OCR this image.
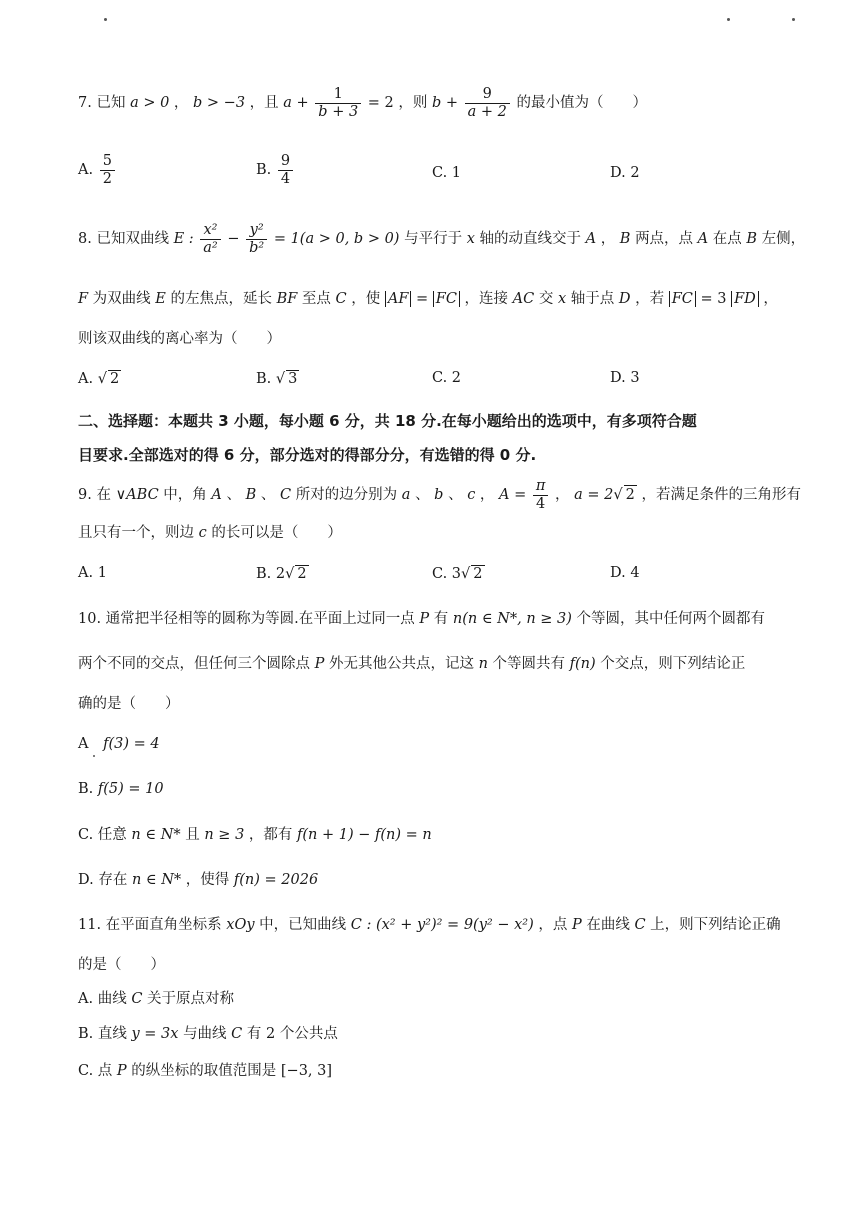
7. 已知 a > 0 ， b > −3 ，且 $a + \frac{1}{b + 3} = 2$ ，则 $b + \frac{9}{a + 2}$ 的最小值为（　　）
A. $\frac{5}{2}$	B. $\frac{9}{4}$	C. 1	D. 2
8. 已知双曲线 E : $\frac{\text{x²}}{\text{a²}} - \frac{\text{y²}}{\text{b²}} = 1(a > 0$, b > 0) 与平行于 x 轴的动直线交于 A ， B 两点，点 A 在点 B 左侧，
F 为双曲线 E 的左焦点，延长 BF 至点 C ，使 AF = FC ，连接 AC 交 x 轴于点 D ，若 FC = 3 FD ，
则该双曲线的离心率为（　　）
A. √ 2	B. √ 3	C. 2	D. 3
二、选择题：本题共 3 小题，每小题 6 分，共 18 分.在每小题给出的选项中，有多项符合题
目要求.全部选对的得 6 分，部分选对的得部分分，有选错的得 0 分.
9. 在 ∨ABC 中，角 A 、 B 、 C 所对的边分别为 a 、 b 、 c ， $A = \frac{\pi}{4}$ ， a = 2√ 2 ，若满足条件的三角形有
且只有一个，则边 c 的长可以是（　　）
A. 1	B. 2√ 2	C. 3√ 2	D. 4
10. 通常把半径相等的圆称为等圆.在平面上过同一点 P 有 n(n ∈ N*, n ≥ 3) 个等圆，其中任何两个圆都有
两个不同的交点，但任何三个圆除点 P 外无其他公共点，记这 n 个等圆共有 f(n) 个交点，则下列结论正
确的是（　　）
A f(3) = 4
B. f(5) = 10
C. 任意 n ∈ N* 且 n ≥ 3 ，都有 f(n + 1) − f(n) = n
D. 存在 n ∈ N* ，使得 f(n) = 2026
11. 在平面直角坐标系 xOy 中，已知曲线 C : (x² + y²)² = 9(y² − x²) ，点 P 在曲线 C 上，则下列结论正确
的是（　　）
A. 曲线 C 关于原点对称
B. 直线 y = 3x 与曲线 C 有 2 个公共点
C. 点 P 的纵坐标的取值范围是 [−3, 3]
